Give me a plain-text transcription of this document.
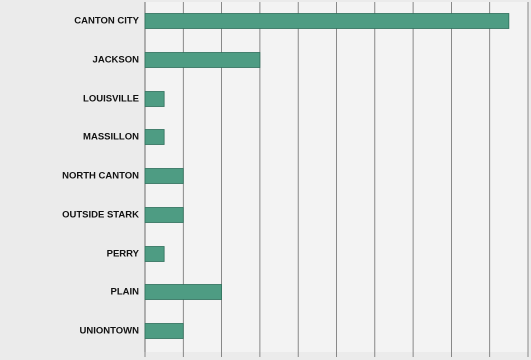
CANTON CITY
JACKSON
LOUISVILLE
MASSILLON
NORTH CANTON
OUTSIDE STARK
PERRY
PLAIN
UNIONTOWN
